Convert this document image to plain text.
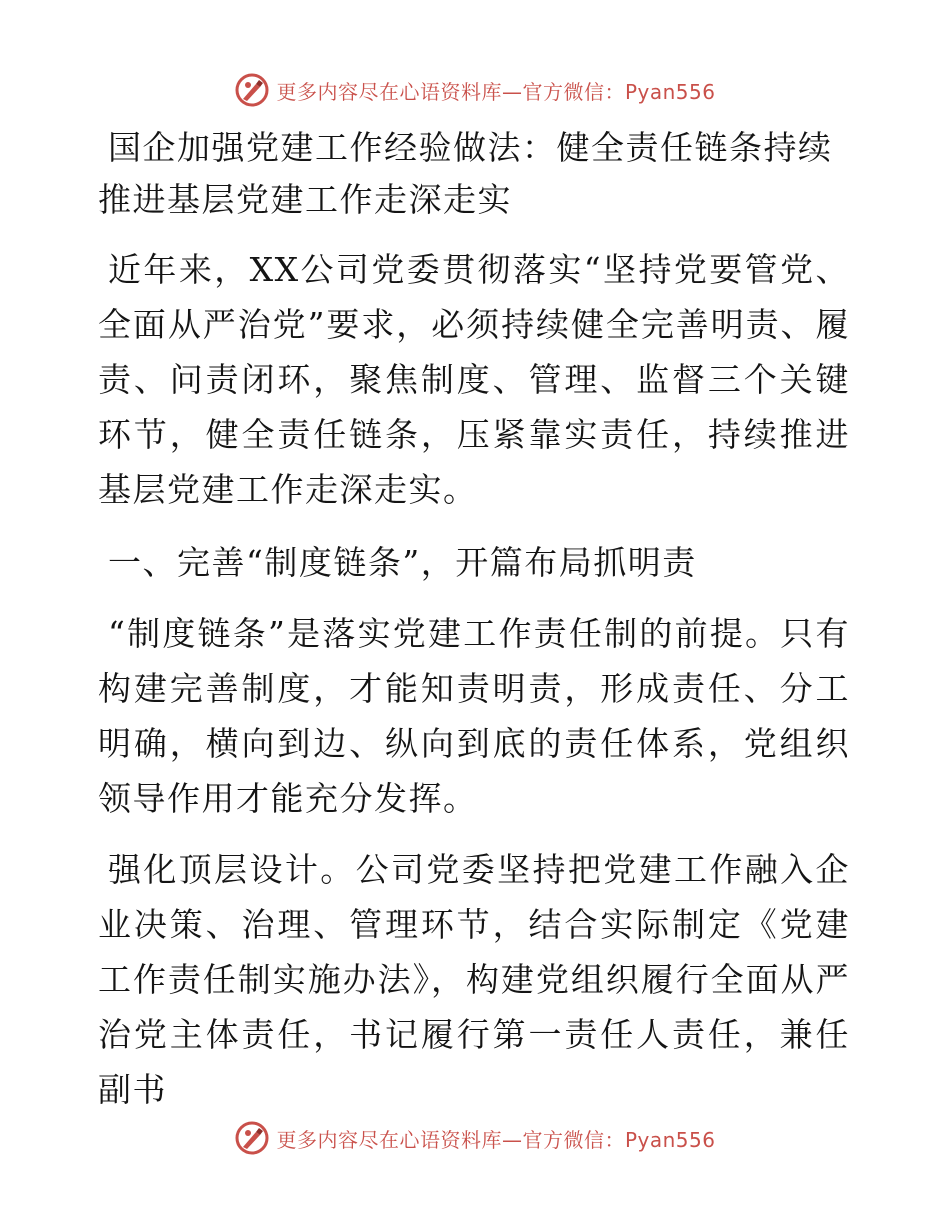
更多内容尽在心语资料库—官方微信：Pyan556
国企加强党建工作经验做法：健全责任链条持续推进基层党建工作走深走实

近年来，XX公司党委贯彻落实“坚持党要管党、全面从严治党”要求，必须持续健全完善明责、履责、问责闭环，聚焦制度、管理、监督三个关键环节，健全责任链条，压紧靠实责任，持续推进基层党建工作走深走实。

一、完善“制度链条”，开篇布局抓明责

“制度链条”是落实党建工作责任制的前提。只有构建完善制度，才能知责明责，形成责任、分工明确，横向到边、纵向到底的责任体系，党组织领导作用才能充分发挥。

强化顶层设计。公司党委坚持把党建工作融入企业决策、治理、管理环节，结合实际制定《党建工作责任制实施办法》，构建党组织履行全面从严治党主体责任，书记履行第一责任人责任，兼任副书

更多内容尽在心语资料库—官方微信：Pyan556
